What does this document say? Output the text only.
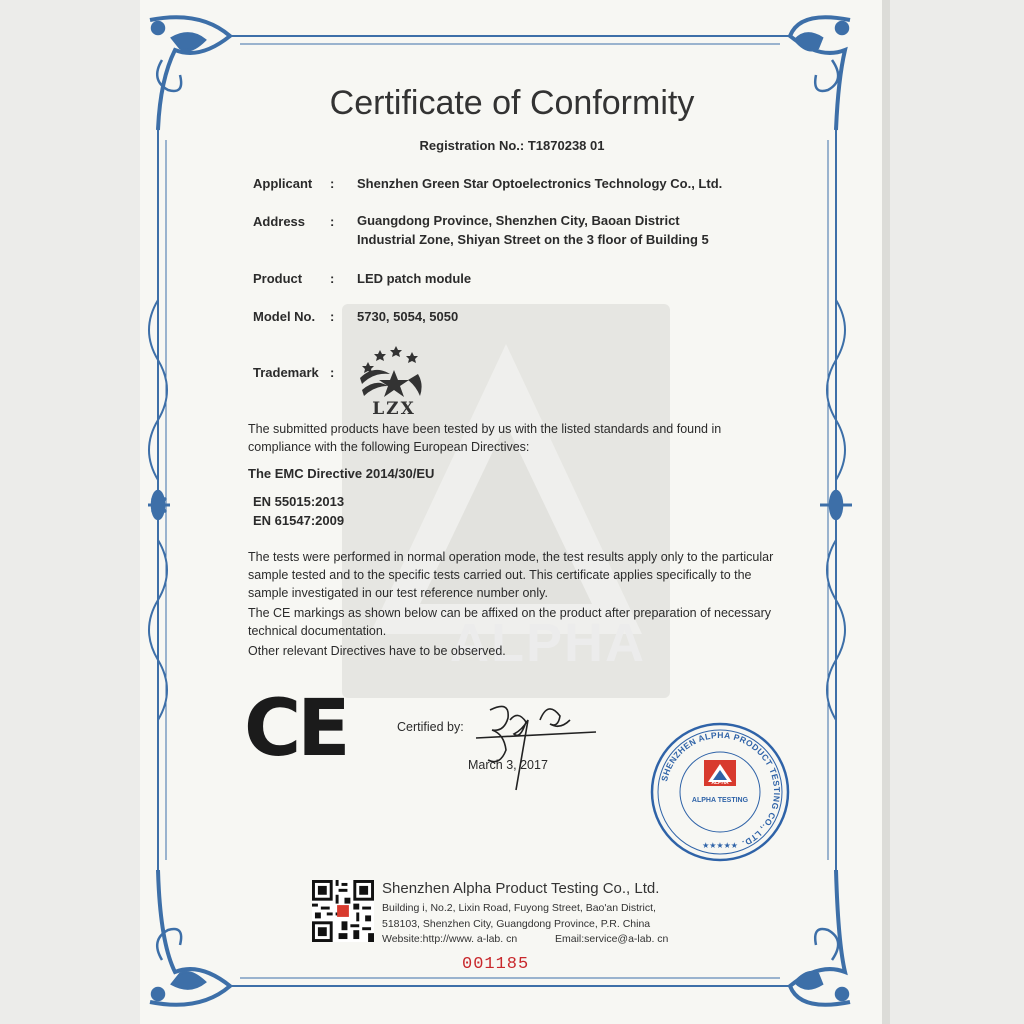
ALPHA
Certificate of Conformity
Registration No.: T1870238 01
Applicant : Shenzhen Green Star Optoelectronics Technology Co., Ltd.
Address : Guangdong Province, Shenzhen City, Baoan District
Industrial Zone, Shiyan Street on the 3 floor of Building 5
Product : LED patch module
Model No. : 5730, 5054, 5050
Trademark :
LZX
The submitted products have been tested by us with the listed standards and found in compliance with the following European Directives:
The EMC Directive 2014/30/EU
EN 55015:2013
EN 61547:2009
The tests were performed in normal operation mode, the test results apply only to the particular sample tested and to the specific tests carried out. This certificate applies specifically to the sample investigated in our test reference number only.
The CE markings as shown below can be affixed on the product after preparation of necessary technical documentation.
Other relevant Directives have to be observed.
CE	Certified by:
March 3, 2017
SHENZHEN ALPHA PRODUCT TESTING CO., LTD.
ALPHA
ALPHA TESTING
★★★★★
Shenzhen Alpha Product Testing Co., Ltd.
Building i, No.2, Lixin Road, Fuyong Street, Bao'an District,
518103, Shenzhen City, Guangdong Province, P.R. China
Website:http://www. a-lab. cn	Email:service@a-lab. cn
001185
